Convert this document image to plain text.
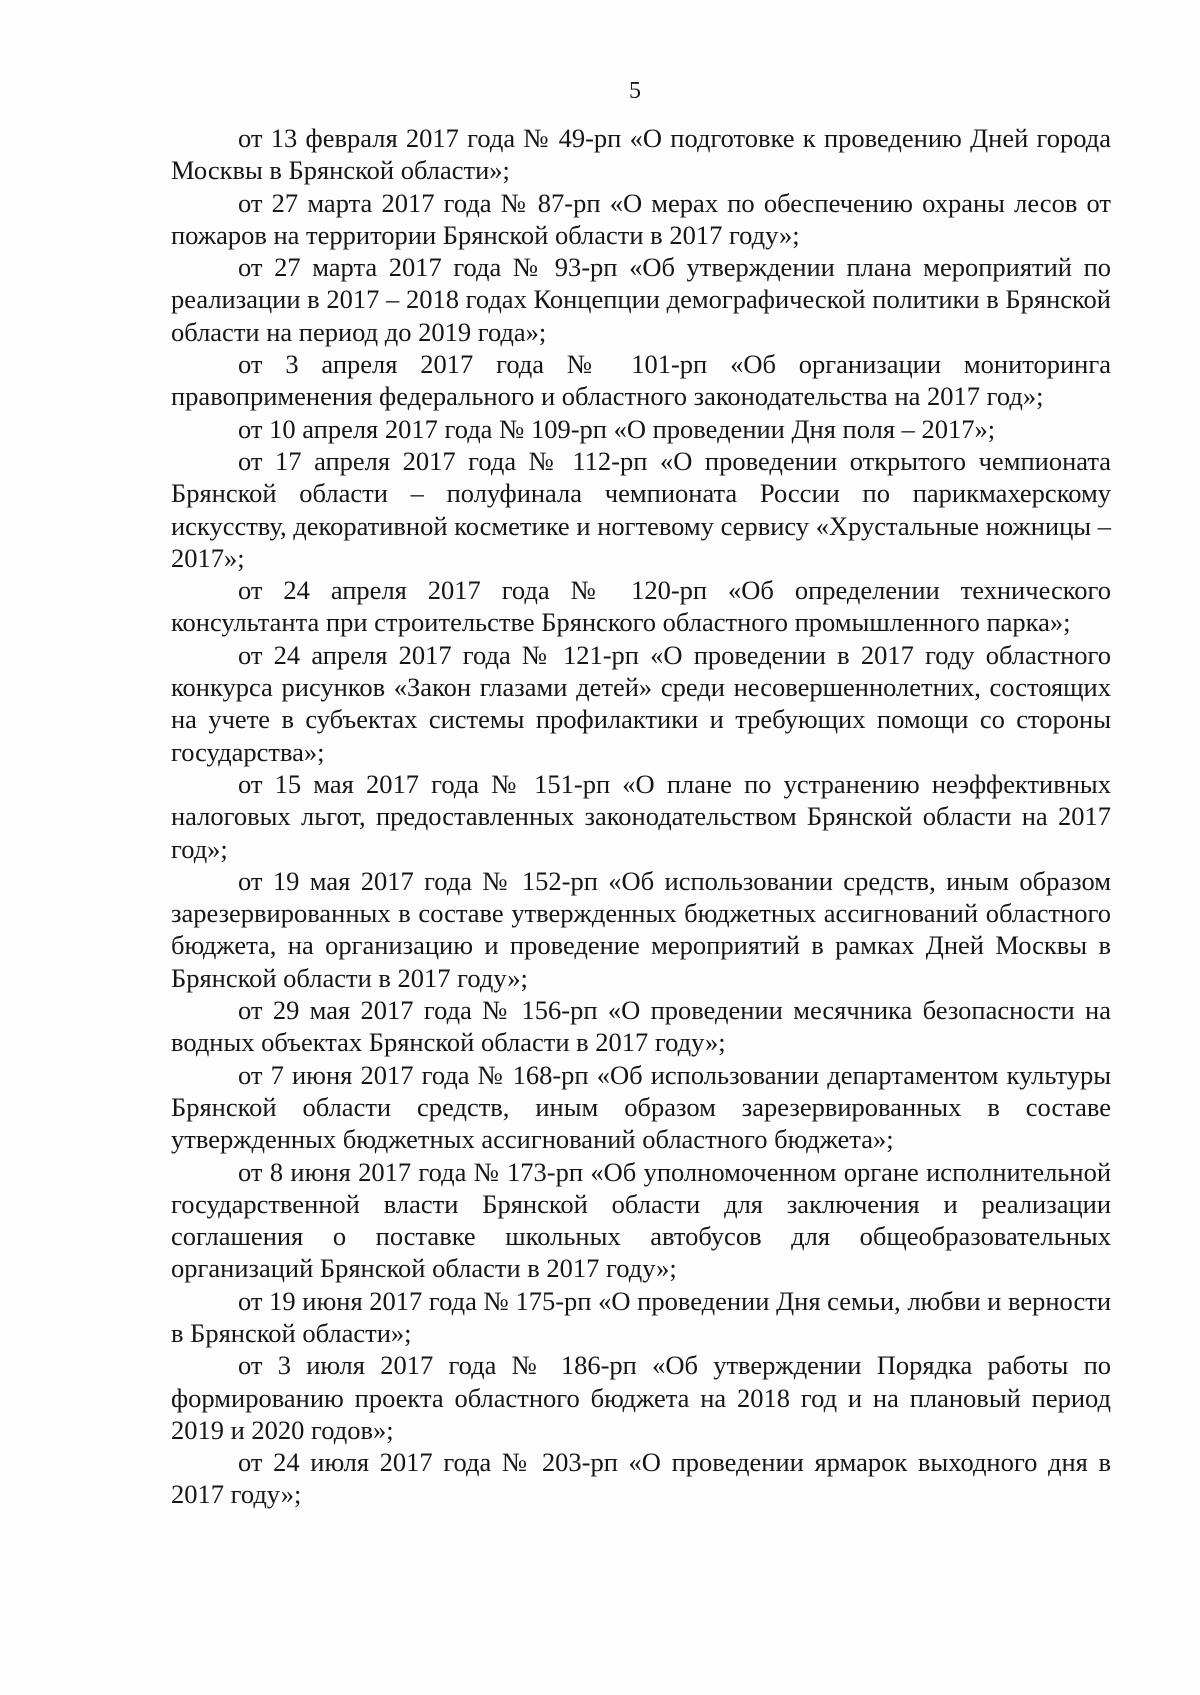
5

от 13 февраля 2017 года № 49-рп «О подготовке к проведению Дней города Москвы в Брянской области»;

от 27 марта 2017 года № 87-рп «О мерах по обеспечению охраны лесов от пожаров на территории Брянской области в 2017 году»;

от 27 марта 2017 года № 93-рп «Об утверждении плана мероприятий по реализации в 2017 – 2018 годах Концепции демографической политики в Брянской области на период до 2019 года»;

от 3 апреля 2017 года № 101-рп «Об организации мониторинга правоприменения федерального и областного законодательства на 2017 год»;

от 10 апреля 2017 года № 109-рп «О проведении Дня поля – 2017»;

от 17 апреля 2017 года № 112-рп «О проведении открытого чемпионата Брянской области – полуфинала чемпионата России по парикмахерскому искусству, декоративной косметике и ногтевому сервису «Хрустальные ножницы – 2017»;

от 24 апреля 2017 года № 120-рп «Об определении технического консультанта при строительстве Брянского областного промышленного парка»;

от 24 апреля 2017 года № 121-рп «О проведении в 2017 году областного конкурса рисунков «Закон глазами детей» среди несовершеннолетних, состоящих на учете в субъектах системы профилактики и требующих помощи со стороны государства»;

от 15 мая 2017 года № 151-рп «О плане по устранению неэффективных налоговых льгот, предоставленных законодательством Брянской области на 2017 год»;

от 19 мая 2017 года № 152-рп «Об использовании средств, иным образом зарезервированных в составе утвержденных бюджетных ассигнований областного бюджета, на организацию и проведение мероприятий в рамках Дней Москвы в Брянской области в 2017 году»;

от 29 мая 2017 года № 156-рп «О проведении месячника безопасности на водных объектах Брянской области в 2017 году»;

от 7 июня 2017 года № 168-рп «Об использовании департаментом культуры Брянской области средств, иным образом зарезервированных в составе утвержденных бюджетных ассигнований областного бюджета»;

от 8 июня 2017 года № 173-рп «Об уполномоченном органе исполнительной государственной власти Брянской области для заключения и реализации соглашения о поставке школьных автобусов для общеобразовательных организаций Брянской области в 2017 году»;

от 19 июня 2017 года № 175-рп «О проведении Дня семьи, любви и верности в Брянской области»;

от 3 июля 2017 года № 186-рп «Об утверждении Порядка работы по формированию проекта областного бюджета на 2018 год и на плановый период 2019 и 2020 годов»;

от 24 июля 2017 года № 203-рп «О проведении ярмарок выходного дня в 2017 году»;
